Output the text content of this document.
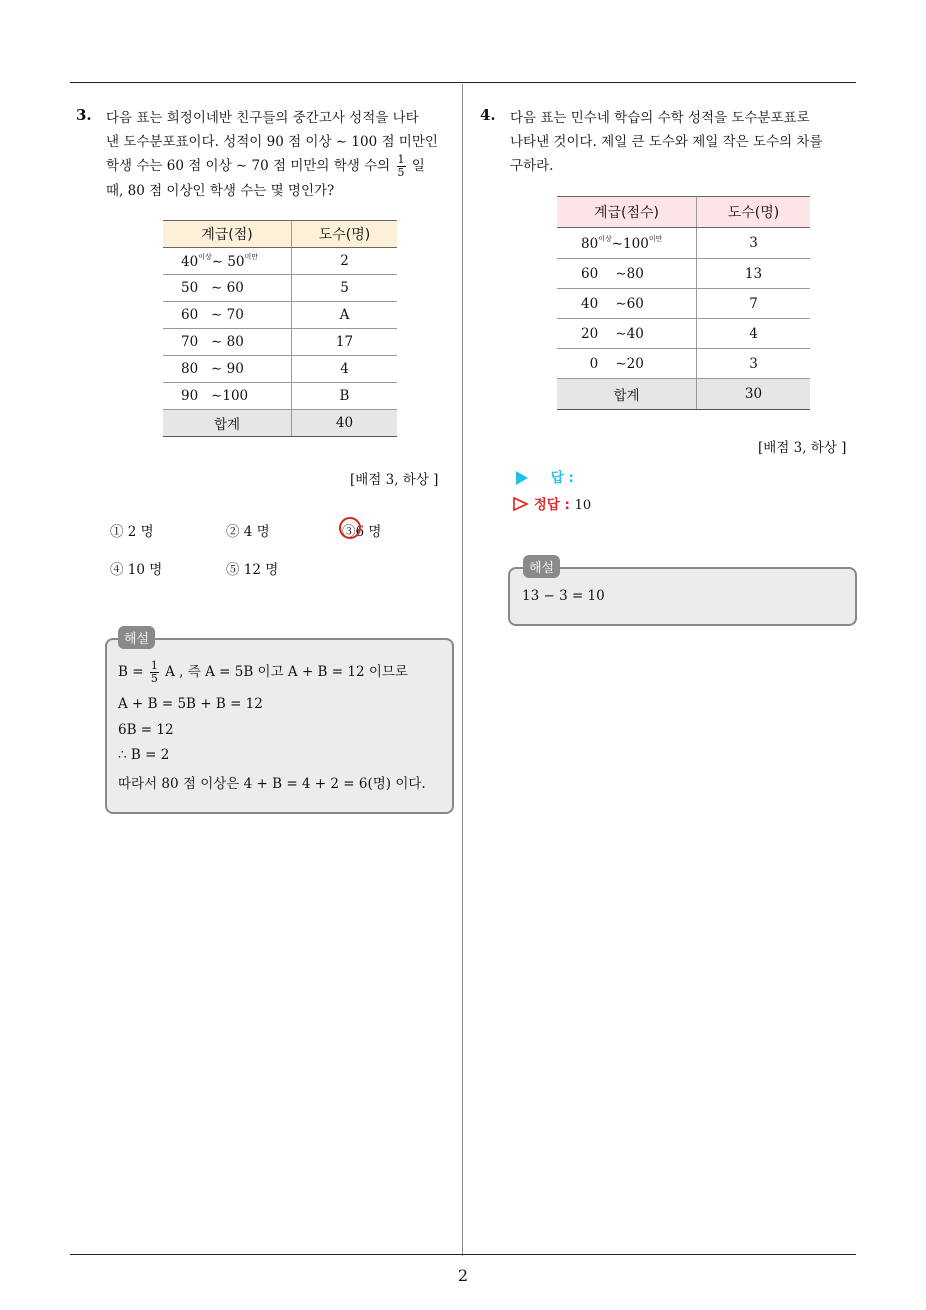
2
3. 다음 표는 희정이네반 친구들의 중간고사 성적을 나타
낸 도수분포표이다. 성적이 90 점 이상 ∼ 100 점 미만인
학생 수는 60 점 이상 ∼ 70 점 미만의 학생 수의 $\frac{1}{5}$ 일
때, 80 점 이상인 학생 수는 몇 명인가?
계급(점)	도수(명)
$40^{이상}\sim$ $50^{미만}$	2
50   ∼ 60	5
60   ∼ 70	A
70   ∼ 80	17
80   ∼ 90	4
90   ∼100	B
합계	40
[배점 3, 하상 ]
① 2 명	② 4 명	③6 명
④ 10 명	⑤ 12 명
해설
$B = \frac{1}{5}$ A , 즉 A = 5B 이고 A + B = 12 이므로
A + B = 5B + B = 12
6B = 12
∴ B = 2
따라서 80 점 이상은 4 + B = 4 + 2 = 6(명) 이다.
4. 다음 표는 민수네 학습의 수학 성적을 도수분포표로
나타낸 것이다. 제일 큰 도수와 제일 작은 도수의 차를
구하라.
계급(점수)	도수(명)
$80^{이상}\sim 100^{미만}$	3
60    ∼80	13
40    ∼60	7
20    ∼40	4
0    ∼20	3
합계	30
[배점 3, 하상 ]
답 :
정답 : 10
해설
13 − 3 = 10
